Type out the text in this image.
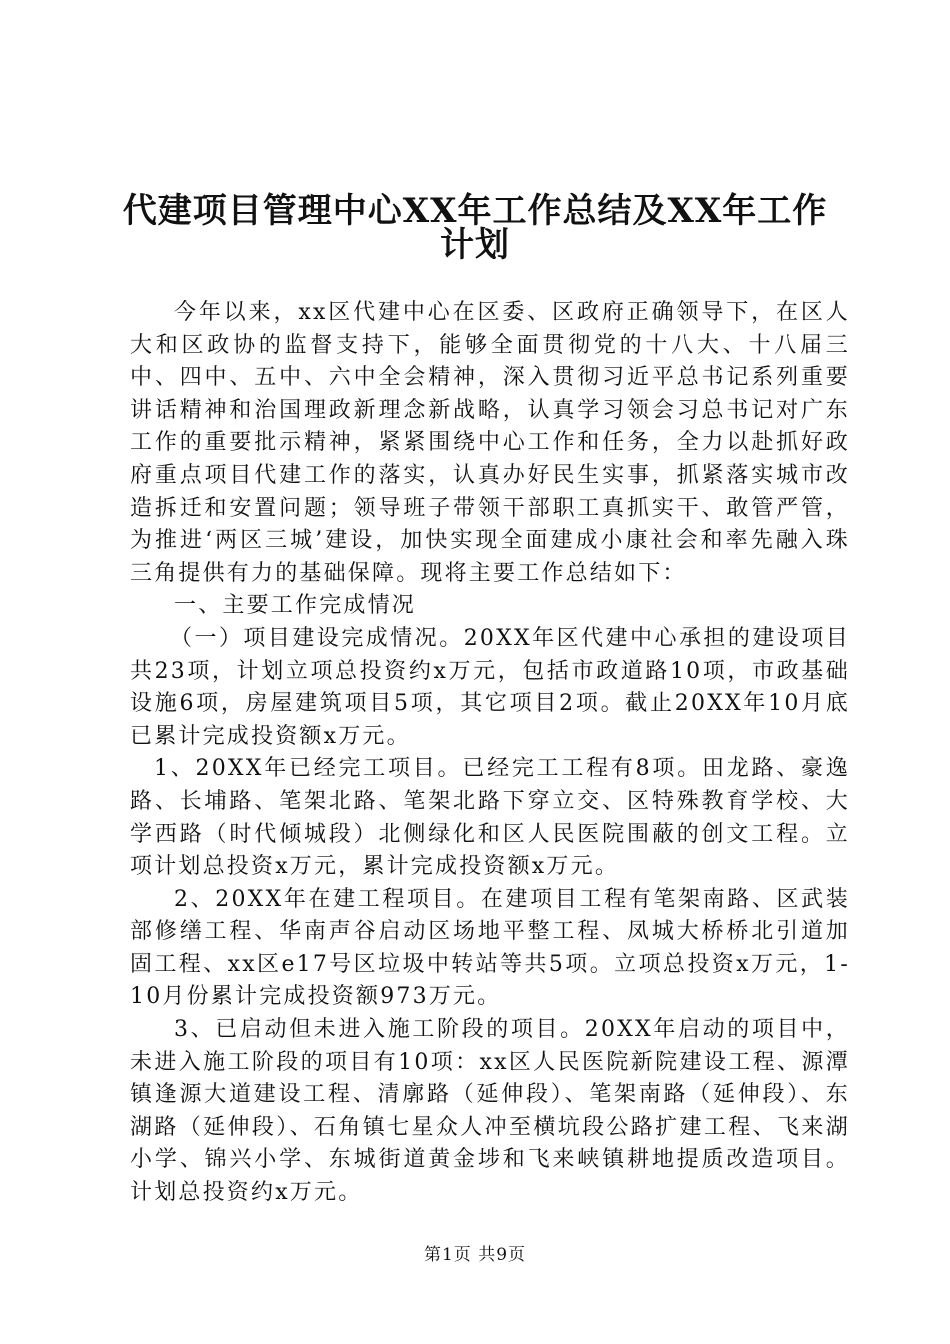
代建项目管理中心XX年工作总结及XX年工作
计划

今年以来，xx区代建中心在区委、区政府正确领导下，在区人大和区政协的监督支持下，能够全面贯彻党的十八大、十八届三中、四中、五中、六中全会精神，深入贯彻习近平总书记系列重要讲话精神和治国理政新理念新战略，认真学习领会习总书记对广东工作的重要批示精神，紧紧围绕中心工作和任务，全力以赴抓好政府重点项目代建工作的落实，认真办好民生实事，抓紧落实城市改造拆迁和安置问题；领导班子带领干部职工真抓实干、敢管严管，为推进‘两区三城’建设，加快实现全面建成小康社会和率先融入珠三角提供有力的基础保障。现将主要工作总结如下：

一、主要工作完成情况

（一）项目建设完成情况。20XX年区代建中心承担的建设项目共23项，计划立项总投资约x万元，包括市政道路10项，市政基础设施6项，房屋建筑项目5项，其它项目2项。截止20XX年10月底已累计完成投资额x万元。

1、20XX年已经完工项目。已经完工工程有8项。田龙路、豪逸路、长埔路、笔架北路、笔架北路下穿立交、区特殊教育学校、大学西路（时代倾城段）北侧绿化和区人民医院围蔽的创文工程。立项计划总投资x万元，累计完成投资额x万元。

2、20XX年在建工程项目。在建项目工程有笔架南路、区武装部修缮工程、华南声谷启动区场地平整工程、凤城大桥桥北引道加固工程、xx区e17号区垃圾中转站等共5项。立项总投资x万元，1-10月份累计完成投资额973万元。

3、已启动但未进入施工阶段的项目。20XX年启动的项目中，未进入施工阶段的项目有10项：xx区人民医院新院建设工程、源潭镇逢源大道建设工程、清廓路（延伸段）、笔架南路（延伸段）、东湖路（延伸段）、石角镇七星众人冲至横坑段公路扩建工程、飞来湖小学、锦兴小学、东城街道黄金埗和飞来峡镇耕地提质改造项目。计划总投资约x万元。

第1页 共9页
